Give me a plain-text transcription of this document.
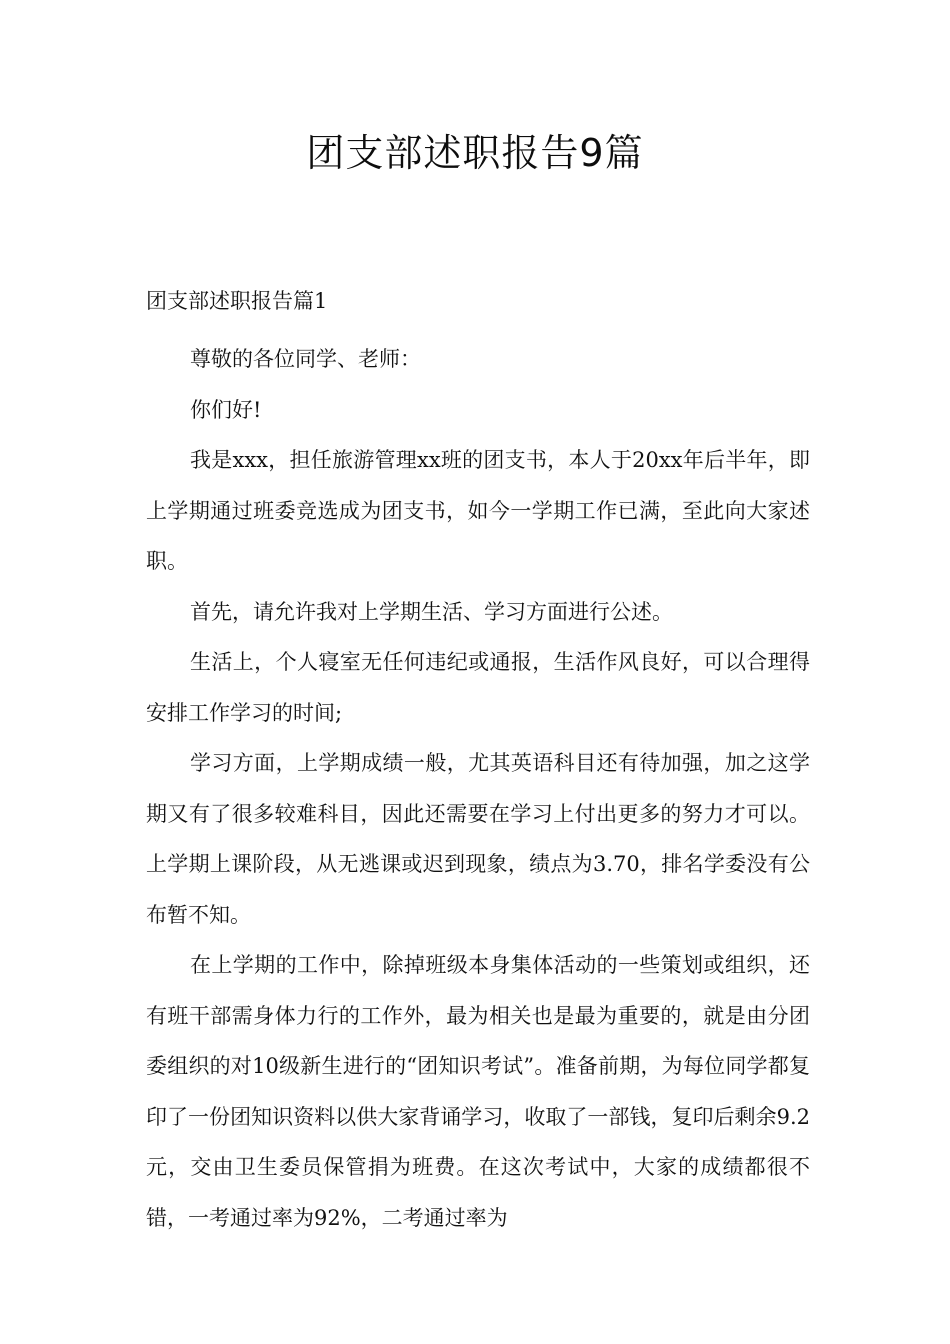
团支部述职报告9篇
团支部述职报告篇1

尊敬的各位同学、老师：

你们好!

我是xxx，担任旅游管理xx班的团支书，本人于20xx年后半年，即上学期通过班委竞选成为团支书，如今一学期工作已满，至此向大家述职。

首先，请允许我对上学期生活、学习方面进行公述。

生活上，个人寝室无任何违纪或通报，生活作风良好，可以合理得安排工作学习的时间;

学习方面，上学期成绩一般，尤其英语科目还有待加强，加之这学期又有了很多较难科目，因此还需要在学习上付出更多的努力才可以。上学期上课阶段，从无逃课或迟到现象，绩点为3.70，排名学委没有公布暂不知。

在上学期的工作中，除掉班级本身集体活动的一些策划或组织，还有班干部需身体力行的工作外，最为相关也是最为重要的，就是由分团委组织的对10级新生进行的“团知识考试”。准备前期，为每位同学都复印了一份团知识资料以供大家背诵学习，收取了一部钱，复印后剩余9.2元，交由卫生委员保管捐为班费。在这次考试中，大家的成绩都很不错，一考通过率为92%，二考通过率为
